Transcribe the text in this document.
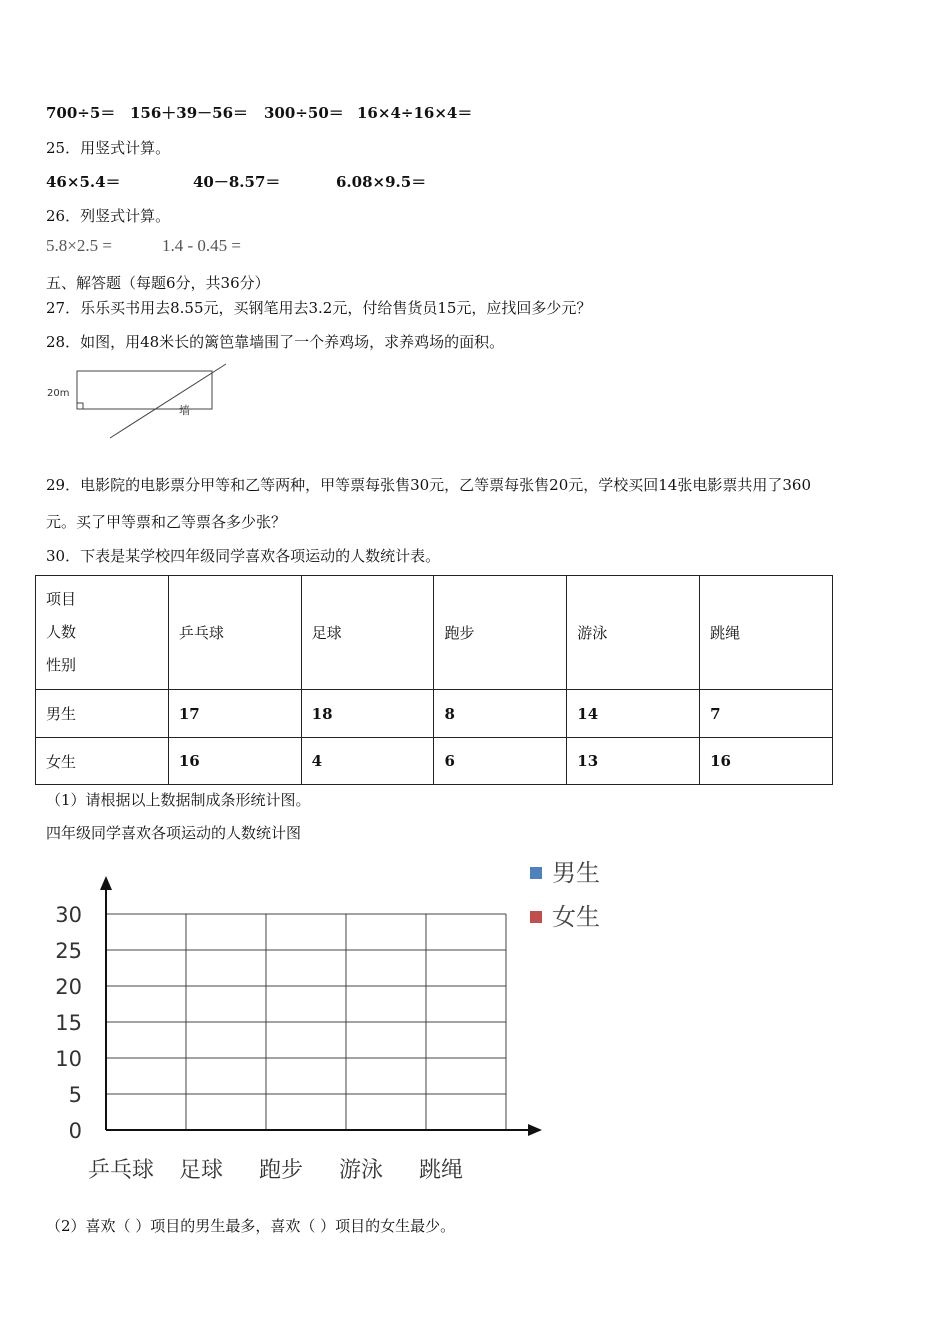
700÷5＝ 156＋39－56＝ 300÷50＝ 16×4÷16×4＝
25．用竖式计算。
46×5.4＝	40－8.57＝	6.08×9.5＝
26．列竖式计算。
5.8×2.5 =	1.4 - 0.45 =
五、解答题（每题6分，共36分）
27．乐乐买书用去8.55元，买钢笔用去3.2元，付给售货员15元，应找回多少元？
28．如图，用48米长的篱笆靠墙围了一个养鸡场，求养鸡场的面积。
20m
墙
29．电影院的电影票分甲等和乙等两种，甲等票每张售30元，乙等票每张售20元，学校买回14张电影票共用了360
元。买了甲等票和乙等票各多少张？
30．下表是某学校四年级同学喜欢各项运动的人数统计表。
项目
人数
性别	乒乓球	足球	跑步	游泳	跳绳
男生	17	18	8	14	7
女生	16	4	6	13	16
（1）请根据以上数据制成条形统计图。
四年级同学喜欢各项运动的人数统计图
0
5
10
15
20
25
30
乒乓球 足球 跑步 游泳 跳绳
男生
女生
（2）喜欢（ ）项目的男生最多，喜欢（ ）项目的女生最少。
